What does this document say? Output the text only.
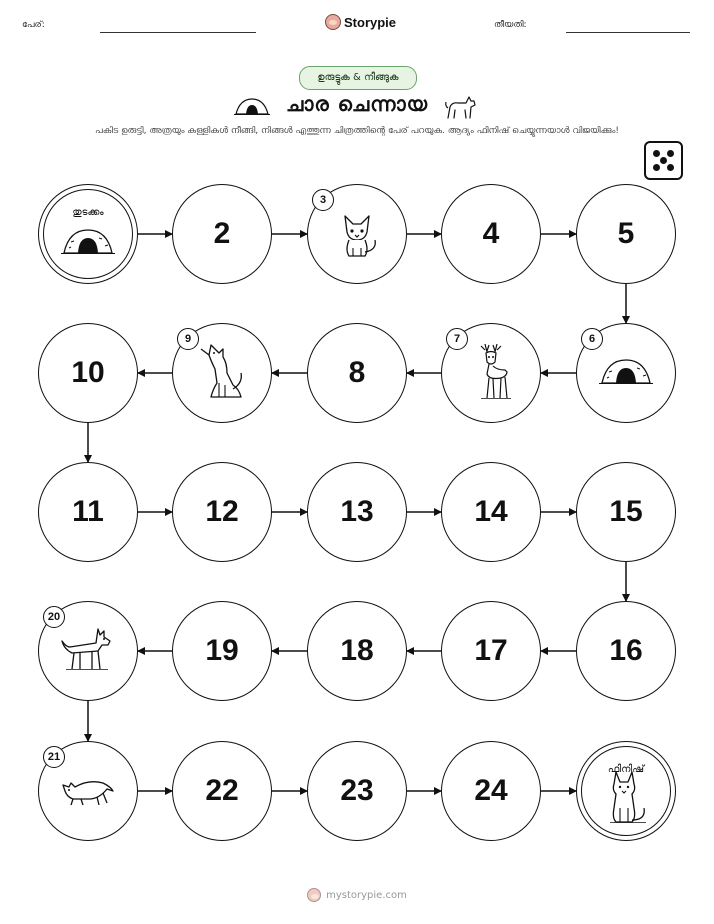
പേര്:	Storypie	തീയതി:
ഉരുട്ടുക & നീങ്ങുക
ചാര ചെന്നായ
പകിട ഉരുട്ടി, അത്രയും കള്ളികൾ നീങ്ങി, നിങ്ങൾ എത്തുന്ന ചിത്രത്തിന്റെ പേര് പറയുക. ആദ്യം ഫിനിഷ് ചെയ്യുന്നയാൾ വിജയിക്കും!
തുടക്കം
2
3
4	5
6
7
8
9
10
11	12	13	14	15
16
17
18
19
20
21
22	23	24
ഫിനിഷ്
mystorypie.com
